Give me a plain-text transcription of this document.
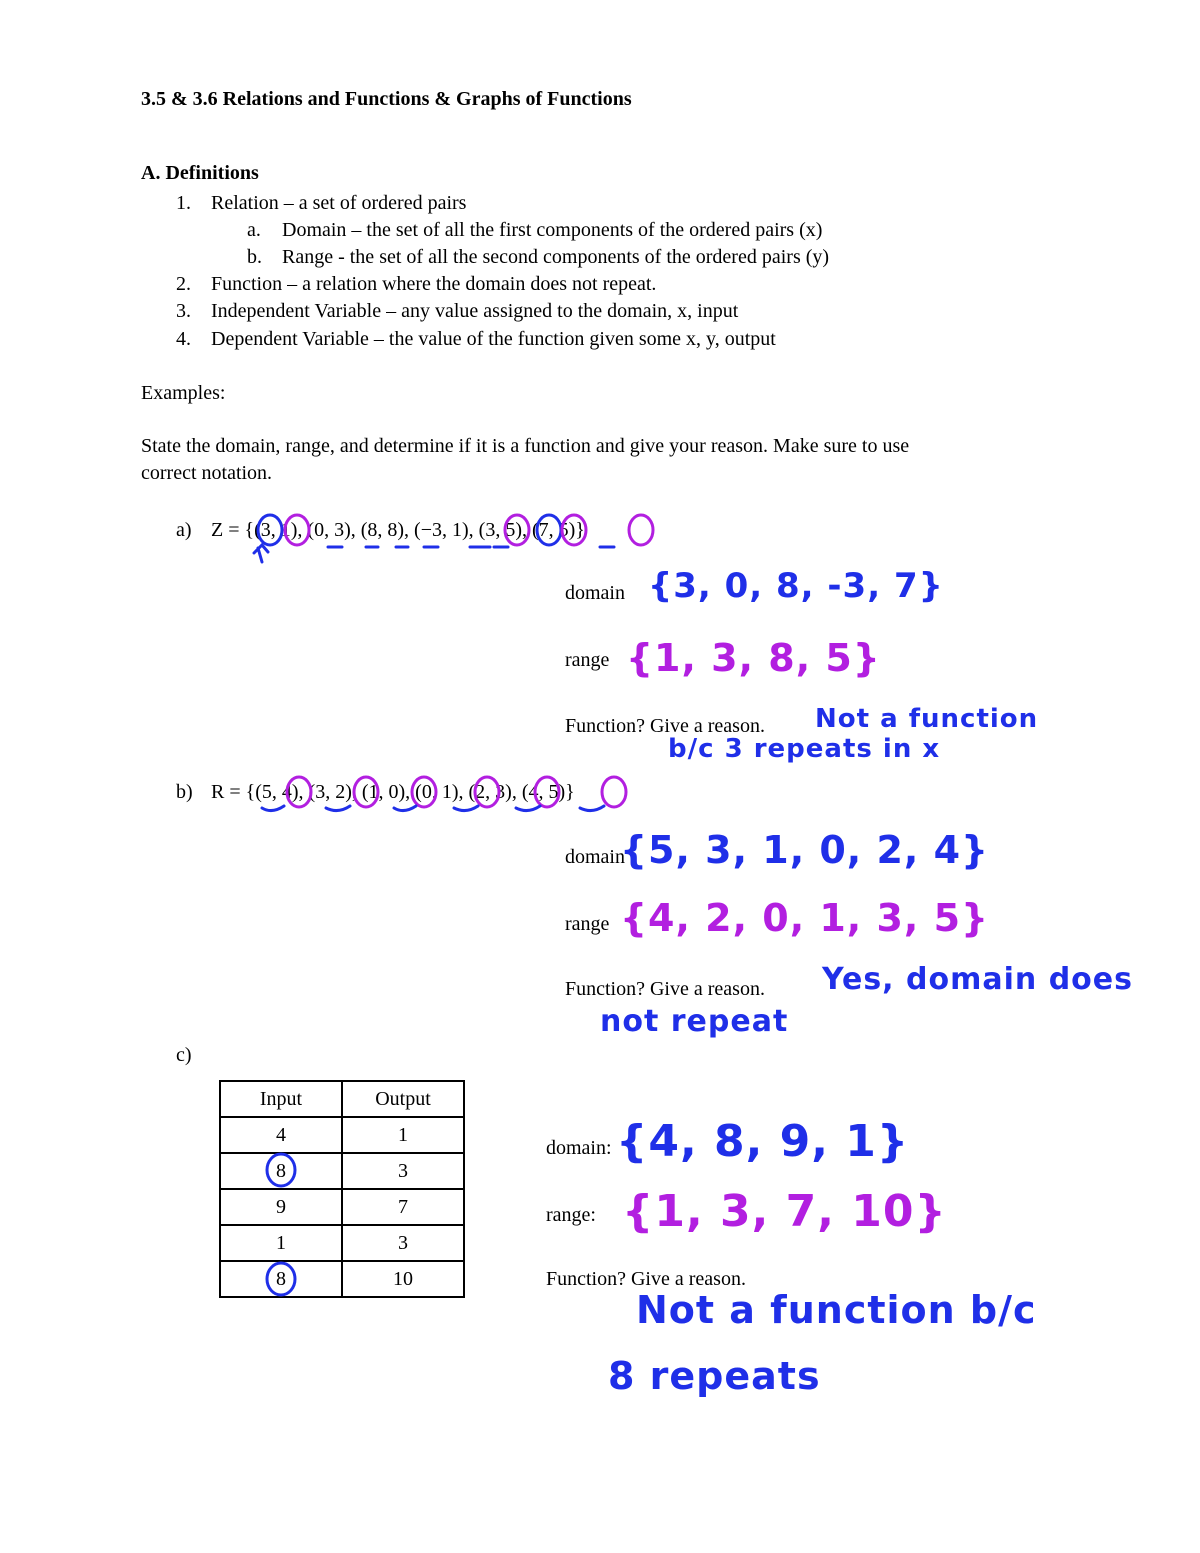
3.5 & 3.6 Relations and Functions & Graphs of Functions
A. Definitions
1. Relation – a set of ordered pairs
a. Domain – the set of all the first components of the ordered pairs (x)
b. Range - the set of all the second components of the ordered pairs (y)
2. Function – a relation where the domain does not repeat.
3. Independent Variable – any value assigned to the domain, x, input
4. Dependent Variable – the value of the function given some x, y, output
Examples:
State the domain, range, and determine if it is a function and give your reason. Make sure to use
correct notation.
a) Z = {(3, 1), (0, 3), (8, 8), (−3, 1), (3, 5), (7, 5)}
domain {3, 0, 8, -3, 7}
range {1, 3, 8, 5}
Function? Give a reason. Not a function
b/c 3 repeats in x
b) R = {(5, 4), (3, 2), (1, 0), (0, 1), (2, 3), (4, 5)}
domain
{5, 3, 1, 0, 2, 4}
range {4, 2, 0, 1, 3, 5}
Function? Give a reason. Yes, domain does
not repeat
c)
Input	Output
4	1
8	3
9	7
1	3
8	10
domain: {4, 8, 9, 1}
range: {1, 3, 7, 10}
Function? Give a reason.
Not a function b/c
8 repeats
